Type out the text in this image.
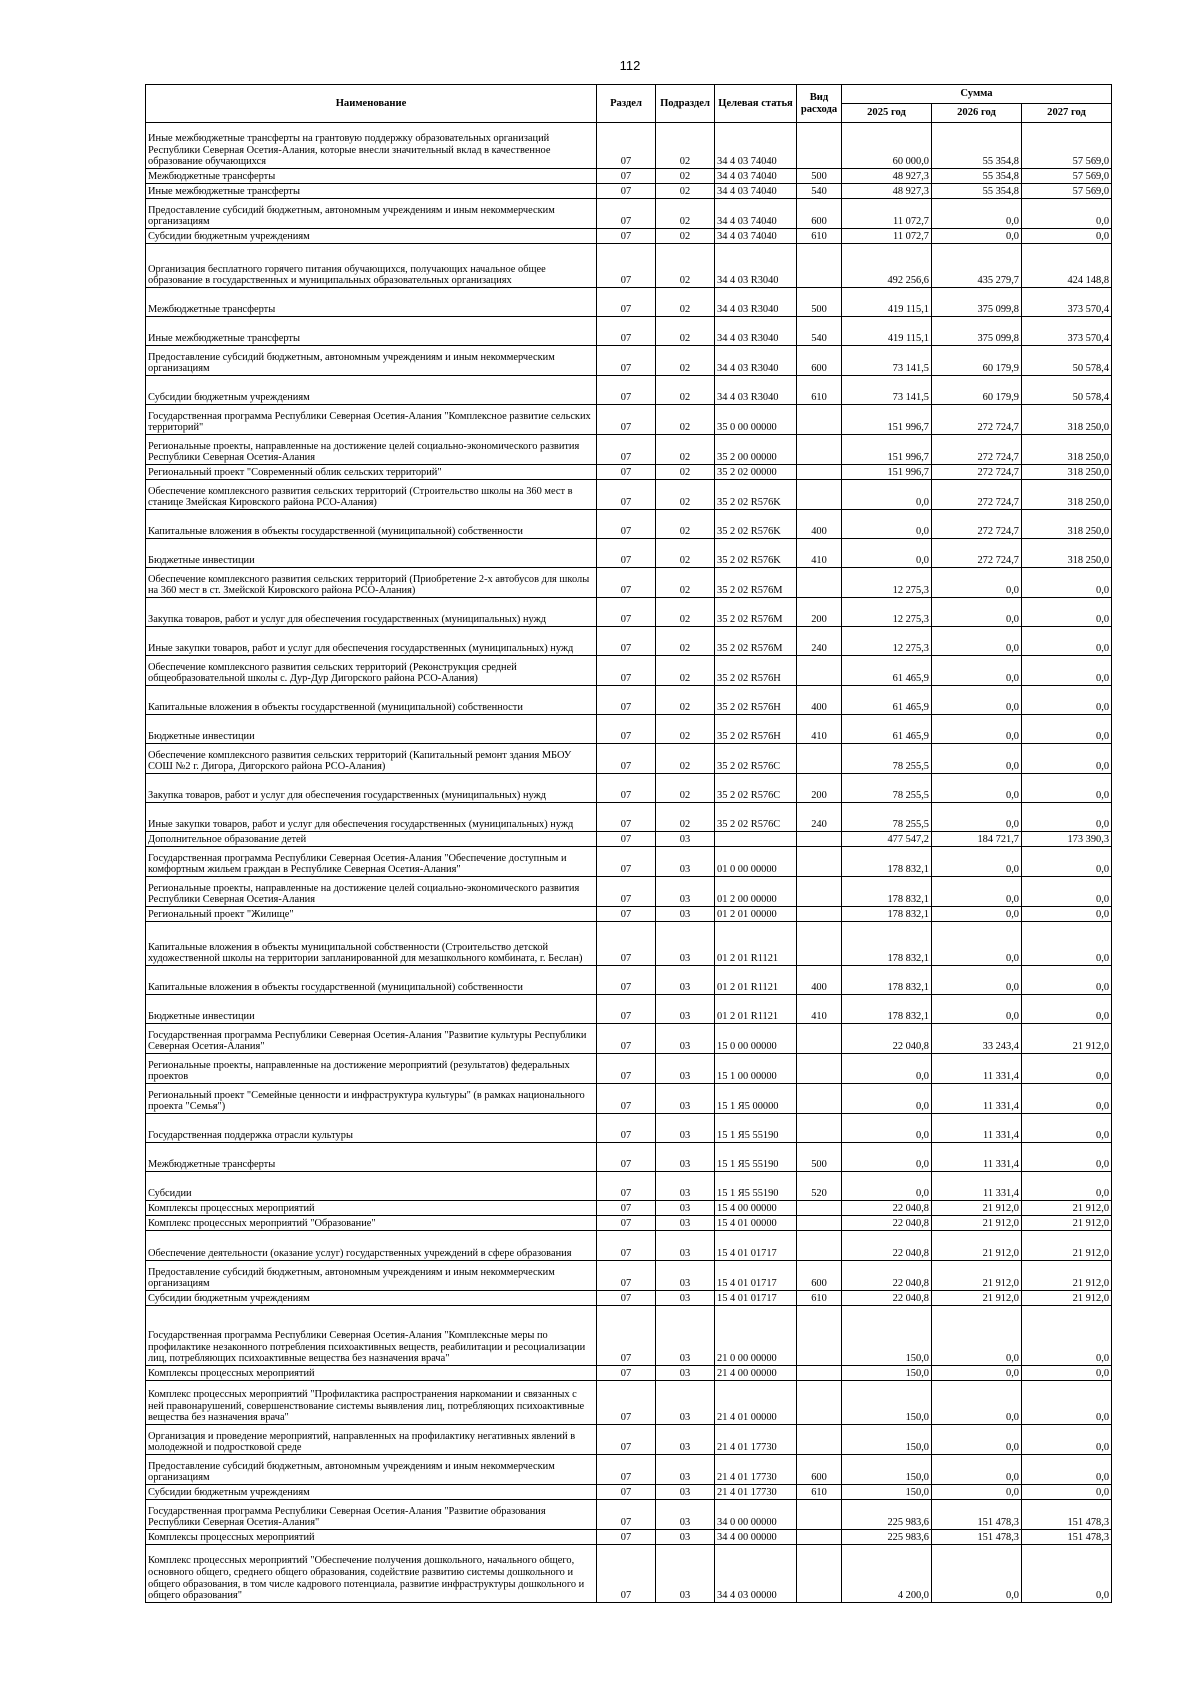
112
Наименование	Раздел	Подраздел	Целевая статья	Вид расхода	Сумма		
					2025 год	2026 год	2027 год
Иные межбюджетные трансферты на грантовую поддержку образовательных организаций Республики Северная Осетия-Алания, которые внесли значительный вклад в качественное образование обучающихся	07	02	34 4 03 74040		60 000,0	55 354,8	57 569,0
Межбюджетные трансферты	07	02	34 4 03 74040	500	48 927,3	55 354,8	57 569,0
Иные межбюджетные трансферты	07	02	34 4 03 74040	540	48 927,3	55 354,8	57 569,0
Предоставление субсидий бюджетным, автономным учреждениям и иным некоммерческим организациям	07	02	34 4 03 74040	600	11 072,7	0,0	0,0
Субсидии бюджетным учреждениям	07	02	34 4 03 74040	610	11 072,7	0,0	0,0
Организация бесплатного горячего питания обучающихся, получающих начальное общее образование в государственных и муниципальных образовательных организациях	07	02	34 4 03 R3040		492 256,6	435 279,7	424 148,8
Межбюджетные трансферты	07	02	34 4 03 R3040	500	419 115,1	375 099,8	373 570,4
Иные межбюджетные трансферты	07	02	34 4 03 R3040	540	419 115,1	375 099,8	373 570,4
Предоставление субсидий бюджетным, автономным учреждениям и иным некоммерческим организациям	07	02	34 4 03 R3040	600	73 141,5	60 179,9	50 578,4
Субсидии бюджетным учреждениям	07	02	34 4 03 R3040	610	73 141,5	60 179,9	50 578,4
Государственная программа Республики Северная Осетия-Алания "Комплексное развитие сельских территорий"	07	02	35 0 00 00000		151 996,7	272 724,7	318 250,0
Региональные проекты, направленные на достижение целей социально-экономического развития Республики Северная Осетия-Алания	07	02	35 2 00 00000		151 996,7	272 724,7	318 250,0
Региональный проект "Современный облик сельских территорий"	07	02	35 2 02 00000		151 996,7	272 724,7	318 250,0
Обеспечение комплексного развития сельских территорий (Строительство школы на 360 мест в станице Змейская Кировского района РСО-Алания)	07	02	35 2 02 R576K		0,0	272 724,7	318 250,0
Капитальные вложения в объекты государственной (муниципальной) собственности	07	02	35 2 02 R576K	400	0,0	272 724,7	318 250,0
Бюджетные инвестиции	07	02	35 2 02 R576K	410	0,0	272 724,7	318 250,0
Обеспечение комплексного развития сельских территорий (Приобретение 2-х автобусов для школы на 360 мест в ст. Змейской Кировского района РСО-Алания)	07	02	35 2 02 R576M		12 275,3	0,0	0,0
Закупка товаров, работ и услуг для обеспечения государственных (муниципальных) нужд	07	02	35 2 02 R576M	200	12 275,3	0,0	0,0
Иные закупки товаров, работ и услуг для обеспечения государственных (муниципальных) нужд	07	02	35 2 02 R576M	240	12 275,3	0,0	0,0
Обеспечение комплексного развития сельских территорий (Реконструкция средней общеобразовательной школы с. Дур-Дур Дигорского района РСО-Алания)	07	02	35 2 02 R576H		61 465,9	0,0	0,0
Капитальные вложения в объекты государственной (муниципальной) собственности	07	02	35 2 02 R576H	400	61 465,9	0,0	0,0
Бюджетные инвестиции	07	02	35 2 02 R576H	410	61 465,9	0,0	0,0
Обеспечение комплексного развития сельских территорий (Капитальный ремонт здания МБОУ СОШ №2 г. Дигора, Дигорского района РСО-Алания)	07	02	35 2 02 R576C		78 255,5	0,0	0,0
Закупка товаров, работ и услуг для обеспечения государственных (муниципальных) нужд	07	02	35 2 02 R576C	200	78 255,5	0,0	0,0
Иные закупки товаров, работ и услуг для обеспечения государственных (муниципальных) нужд	07	02	35 2 02 R576C	240	78 255,5	0,0	0,0
Дополнительное образование детей	07	03			477 547,2	184 721,7	173 390,3
Государственная программа Республики Северная Осетия-Алания "Обеспечение доступным и комфортным жильем граждан в Республике Северная Осетия-Алания"	07	03	01 0 00 00000		178 832,1	0,0	0,0
Региональные проекты, направленные на достижение целей социально-экономического развития Республики Северная Осетия-Алания	07	03	01 2 00 00000		178 832,1	0,0	0,0
Региональный проект "Жилище"	07	03	01 2 01 00000		178 832,1	0,0	0,0
Капитальные вложения в объекты муниципальной собственности (Строительство детской художественной школы на территории запланированной для мезашкольного комбината, г. Беслан)	07	03	01 2 01 R1121		178 832,1	0,0	0,0
Капитальные вложения в объекты государственной (муниципальной) собственности	07	03	01 2 01 R1121	400	178 832,1	0,0	0,0
Бюджетные инвестиции	07	03	01 2 01 R1121	410	178 832,1	0,0	0,0
Государственная программа Республики Северная Осетия-Алания "Развитие культуры Республики Северная Осетия-Алания"	07	03	15 0 00 00000		22 040,8	33 243,4	21 912,0
Региональные проекты, направленные на достижение мероприятий (результатов) федеральных проектов	07	03	15 1 00 00000		0,0	11 331,4	0,0
Региональный проект "Семейные ценности и инфраструктура культуры" (в рамках национального проекта "Семья")	07	03	15 1 Я5 00000		0,0	11 331,4	0,0
Государственная поддержка отрасли культуры	07	03	15 1 Я5 55190		0,0	11 331,4	0,0
Межбюджетные трансферты	07	03	15 1 Я5 55190	500	0,0	11 331,4	0,0
Субсидии	07	03	15 1 Я5 55190	520	0,0	11 331,4	0,0
Комплексы процессных мероприятий	07	03	15 4 00 00000		22 040,8	21 912,0	21 912,0
Комплекс процессных мероприятий "Образование"	07	03	15 4 01 00000		22 040,8	21 912,0	21 912,0
Обеспечение деятельности (оказание услуг) государственных учреждений в сфере образования	07	03	15 4 01 01717		22 040,8	21 912,0	21 912,0
Предоставление субсидий бюджетным, автономным учреждениям и иным некоммерческим организациям	07	03	15 4 01 01717	600	22 040,8	21 912,0	21 912,0
Субсидии бюджетным учреждениям	07	03	15 4 01 01717	610	22 040,8	21 912,0	21 912,0
Государственная программа Республики Северная Осетия-Алания "Комплексные меры по профилактике незаконного потребления психоактивных веществ, реабилитации и ресоциализации лиц, потребляющих психоактивные вещества без назначения врача"	07	03	21 0 00 00000		150,0	0,0	0,0
Комплексы процессных мероприятий	07	03	21 4 00 00000		150,0	0,0	0,0
Комплекс процессных мероприятий "Профилактика распространения наркомании и связанных с ней правонарушений, совершенствование системы выявления лиц, потребляющих психоактивные вещества без назначения врача"	07	03	21 4 01 00000		150,0	0,0	0,0
Организация и проведение мероприятий, направленных на профилактику негативных явлений в молодежной и подростковой среде	07	03	21 4 01 17730		150,0	0,0	0,0
Предоставление субсидий бюджетным, автономным учреждениям и иным некоммерческим организациям	07	03	21 4 01 17730	600	150,0	0,0	0,0
Субсидии бюджетным учреждениям	07	03	21 4 01 17730	610	150,0	0,0	0,0
Государственная программа Республики Северная Осетия-Алания "Развитие образования Республики Северная Осетия-Алания"	07	03	34 0 00 00000		225 983,6	151 478,3	151 478,3
Комплексы процессных мероприятий	07	03	34 4 00 00000		225 983,6	151 478,3	151 478,3
Комплекс процессных мероприятий "Обеспечение получения дошкольного, начального общего, основного общего, среднего общего образования, содействие развитию системы дошкольного и общего образования, в том числе кадрового потенциала, развитие инфраструктуры дошкольного и общего образования"	07	03	34 4 03 00000		4 200,0	0,0	0,0
